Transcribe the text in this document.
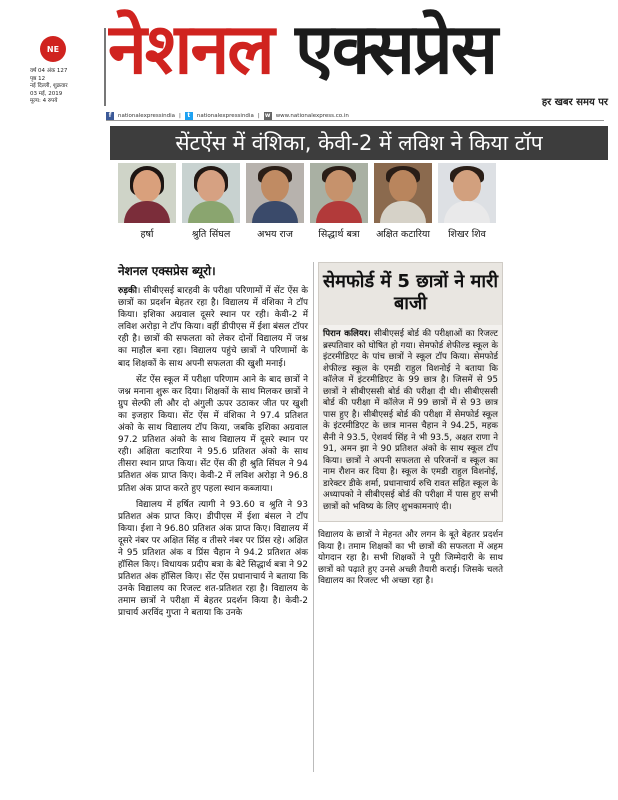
NE
वर्ष 04 अंक 127
पृष्ठ 12
नई दिल्ली, शुक्रवार
03 मई, 2019
मूल्य: 4 रुपये
नेशनल एक्सप्रेस
हर खबर समय पर
f	nationalexpressindia |	t	nationalexpressindia | w www.nationalexpress.co.in
सेंटऐंस में वंशिका, केवी-2 में लविश ने किया टॉप
हर्षा	श्रुति सिंघल	अभय राज	सिद्धार्थ बत्रा	अक्षित कटारिया	शिखर शिव
नेशनल एक्सप्रेस ब्यूरो।

रुड़की। सीबीएसई बारहवी के परीक्षा परिणामों में सेंट ऐंस के छात्रों का प्रदर्शन बेहतर रहा है। विद्यालय में वंशिका ने टॉप किया। इशिका अग्रवाल दूसरे स्थान पर रही। केवी-2 में लविश अरोड़ा ने टॉप किया। वहीं डीपीएस में ईशा बंसल टॉपर रही है। छात्रों की सफलता को लेकर दोनों विद्यालय में जश्न का माहौल बना रहा। विद्यालय पहुंचे छात्रों ने परिणामों के बाद शिक्षकों के साथ अपनी सफलता की खुशी मनाई।

सेंट ऐंस स्कूल में परीक्षा परिणाम आने के बाद छात्रों ने जश्न मनाना शुरू कर दिया। शिक्षकों के साथ मिलकर छात्रों ने ग्रुप सेल्फी ली और दो अंगुली ऊपर उठाकर जीत पर खुशी का इजहार किया। सेंट ऐंस में वंशिका ने 97.4 प्रतिशत अंको के साथ विद्यालय टॉप किया, जबकि इशिका अग्रवाल 97.2 प्रतिशत अंको के साथ विद्यालय में दूसरे स्थान पर रही। अक्षिता कटारिया ने 95.6 प्रतिशत अंको के साथ तीसरा स्थान प्राप्त किया। सेंट ऐंस की ही श्रुति सिंघल ने 94 प्रतिशत अंक प्राप्त किए। केवी-2 में लविश अरोड़ा ने 96.8 प्रतिश अंक प्राप्त करते हुए पहला स्थान कब्जाया।

विद्यालय में हर्षित त्यागी ने 93.60 व श्रुति ने 93 प्रतिशत अंक प्राप्त किए। डीपीएस में ईशा बंसल ने टॉप किया। ईशा ने 96.80 प्रतिशत अंक प्राप्त किए। विद्यालय में दूसरे नंबर पर अक्षित सिंह व तीसरे नंबर पर प्रिंस रहे। अक्षित ने 95 प्रतिशत अंक व प्रिंस चैहान ने 94.2 प्रतिशत अंक हॉसिल किए। विधायक प्रदीप बत्रा के बेटे सिद्धार्थ बत्रा ने 92 प्रतिशत अंक हॉसिल किए। सेंट ऐंस प्रधानाचार्य ने बताया कि उनके विद्यालय का रिजल्ट शत-प्रतिशत रहा है। विद्यालय के तमाम छात्रों ने परीक्षा में बेहतर प्रदर्शन किया है। केवी-2 प्राचार्य अरविंद गुप्ता ने बताया कि उनके

सेमफोर्ड में 5 छात्रों ने मारी बाजी

पिरान कलियर। सीबीएसई बोर्ड की परीक्षाओं का रिजल्ट ब्रस्पतिवार को घोषित हो गया। सेमफोर्ड शेफील्ड स्कूल के इंटरमीडिएट के पांच छात्रों ने स्कूल टॉप किया। सेमफोर्ड शेफील्ड स्कूल के एमडी राहुल विशनोई ने बताया कि कॉलेज में इंटरमीडिएट के 99 छात्र है। जिसमें से 95 छात्रों ने सीबीएससी बोर्ड की परीक्षा दी थी। सीबीएससी बोर्ड की परीक्षा में कॉलेज में 99 छात्रों में से 93 छात्र पास हुए है। सीबीएसई बोर्ड की परीक्षा में सेमफोर्ड स्कूल के इंटरमीडिएट के छात्र मानस चैहान ने 94.25, महक सैनी ने 93.5, ऐशवर्य सिंह ने भी 93.5, अक्षत राणा ने 91, अमन झा ने 90 प्रतिशत अंको के साथ स्कूल टॉप किया। छात्रों ने अपनी सफलता से परिजनों व स्कूल का नाम रौशन कर दिया है। स्कूल के एमडी राहुल विशनोई, डारेक्टर डीके शर्मा, प्रधानाचार्य रुचि रावत सहित स्कूल के अध्यापको ने सीबीएसई बोर्ड की परीक्षा में पास हुए सभी छात्रों को भविष्य के लिए शुभकामनाएं दी।

विद्यालय के छात्रों ने मेहनत और लगन के बूते बेहतर प्रदर्शन किया है। तमाम शिक्षकों का भी छात्रों की सफलता में अहम योगदान रहा है। सभी शिक्षकों ने पूरी जिम्मेदारी के साथ छात्रों को पढ़ाते हुए उनसे अच्छी तैयारी कराई। जिसके चलते विद्यालय का रिजल्ट भी अच्छा रहा है।
